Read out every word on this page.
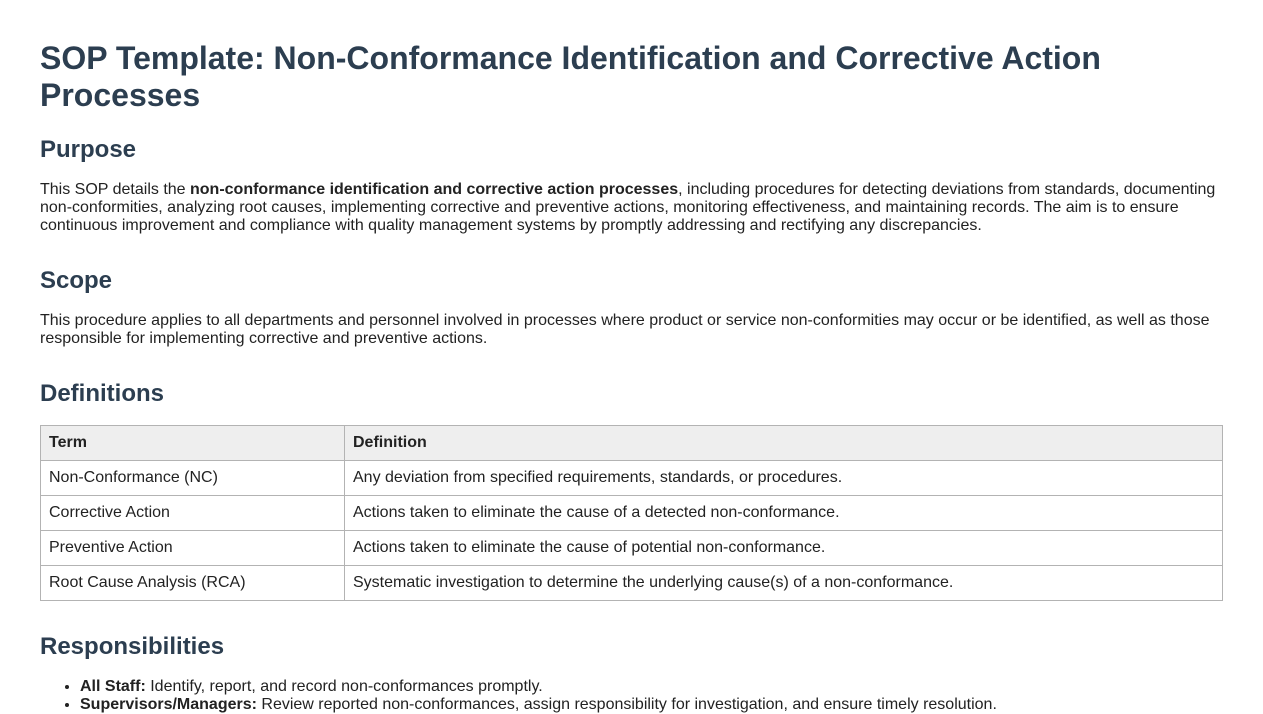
SOP Template: Non-Conformance Identification and Corrective Action Processes
Purpose

This SOP details the non-conformance identification and corrective action processes, including procedures for detecting deviations from standards, documenting non-conformities, analyzing root causes, implementing corrective and preventive actions, monitoring effectiveness, and maintaining records. The aim is to ensure continuous improvement and compliance with quality management systems by promptly addressing and rectifying any discrepancies.

Scope

This procedure applies to all departments and personnel involved in processes where product or service non-conformities may occur or be identified, as well as those responsible for implementing corrective and preventive actions.

Definitions
Term	Definition
Non-Conformance (NC)	Any deviation from specified requirements, standards, or procedures.
Corrective Action	Actions taken to eliminate the cause of a detected non-conformance.
Preventive Action	Actions taken to eliminate the cause of potential non-conformance.
Root Cause Analysis (RCA)	Systematic investigation to determine the underlying cause(s) of a non-conformance.
Responsibilities
• All Staff: Identify, report, and record non-conformances promptly.
• Supervisors/Managers: Review reported non-conformances, assign responsibility for investigation, and ensure timely resolution.
